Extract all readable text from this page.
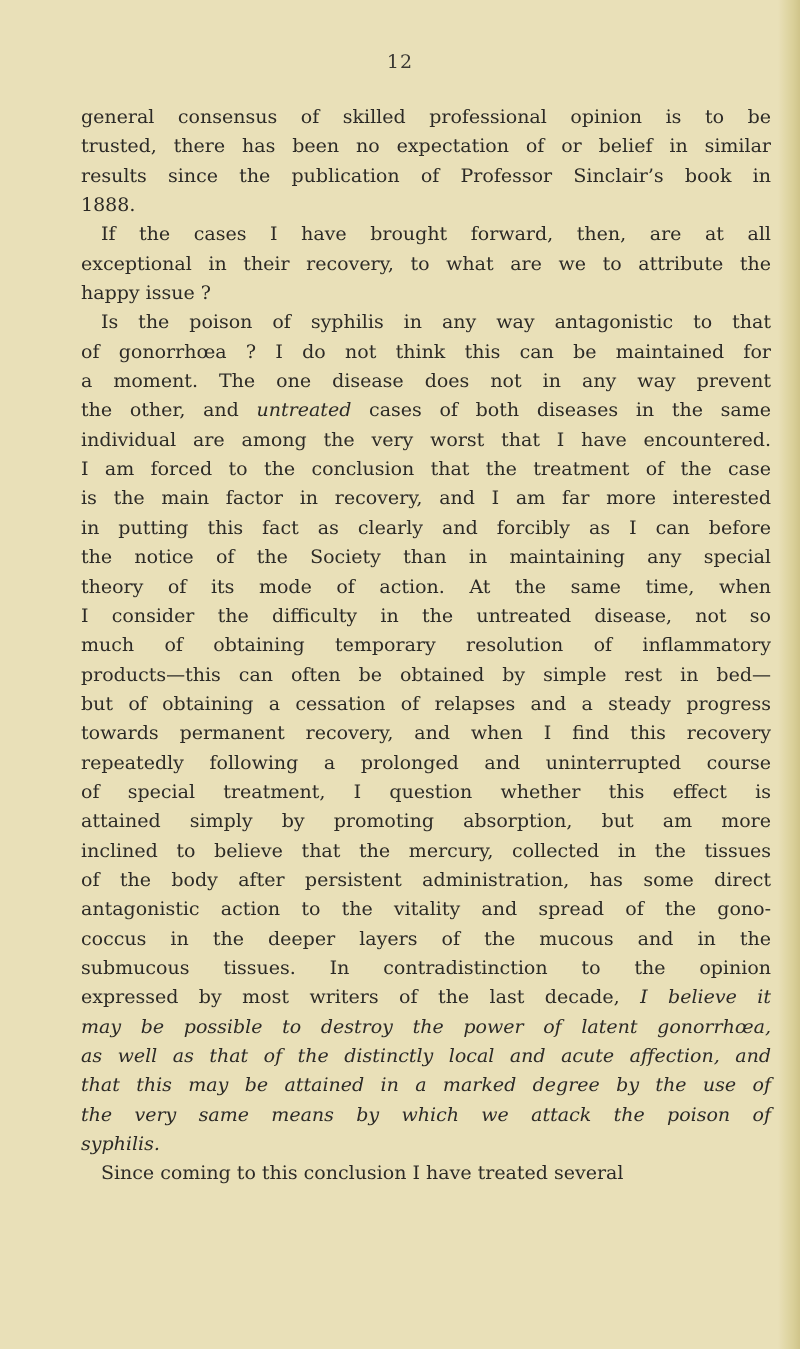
12

general consensus of skilled professional opinion is to be
trusted, there has been no expectation of or belief in similar
results since the publication of Professor Sinclair’s book in
1888.

If the cases I have brought forward, then, are at all
exceptional in their recovery, to what are we to attribute the
happy issue ?

Is the poison of syphilis in any way antagonistic to that
of gonorrhœa ? I do not think this can be maintained for
a moment. The one disease does not in any way prevent
the other, and untreated cases of both diseases in the same
individual are among the very worst that I have encountered.
I am forced to the conclusion that the treatment of the case
is the main factor in recovery, and I am far more interested
in putting this fact as clearly and forcibly as I can before
the notice of the Society than in maintaining any special
theory of its mode of action. At the same time, when
I consider the difficulty in the untreated disease, not so
much of obtaining temporary resolution of inflammatory
products—this can often be obtained by simple rest in bed—
but of obtaining a cessation of relapses and a steady progress
towards permanent recovery, and when I find this recovery
repeatedly following a prolonged and uninterrupted course
of special treatment, I question whether this effect is
attained simply by promoting absorption, but am more
inclined to believe that the mercury, collected in the tissues
of the body after persistent administration, has some direct
antagonistic action to the vitality and spread of the gono-
coccus in the deeper layers of the mucous and in the
submucous tissues. In contradistinction to the opinion
expressed by most writers of the last decade, I believe it
may be possible to destroy the power of latent gonorrhœa,
as well as that of the distinctly local and acute affection, and
that this may be attained in a marked degree by the use of
the very same means by which we attack the poison of
syphilis.

Since coming to this conclusion I have treated several
